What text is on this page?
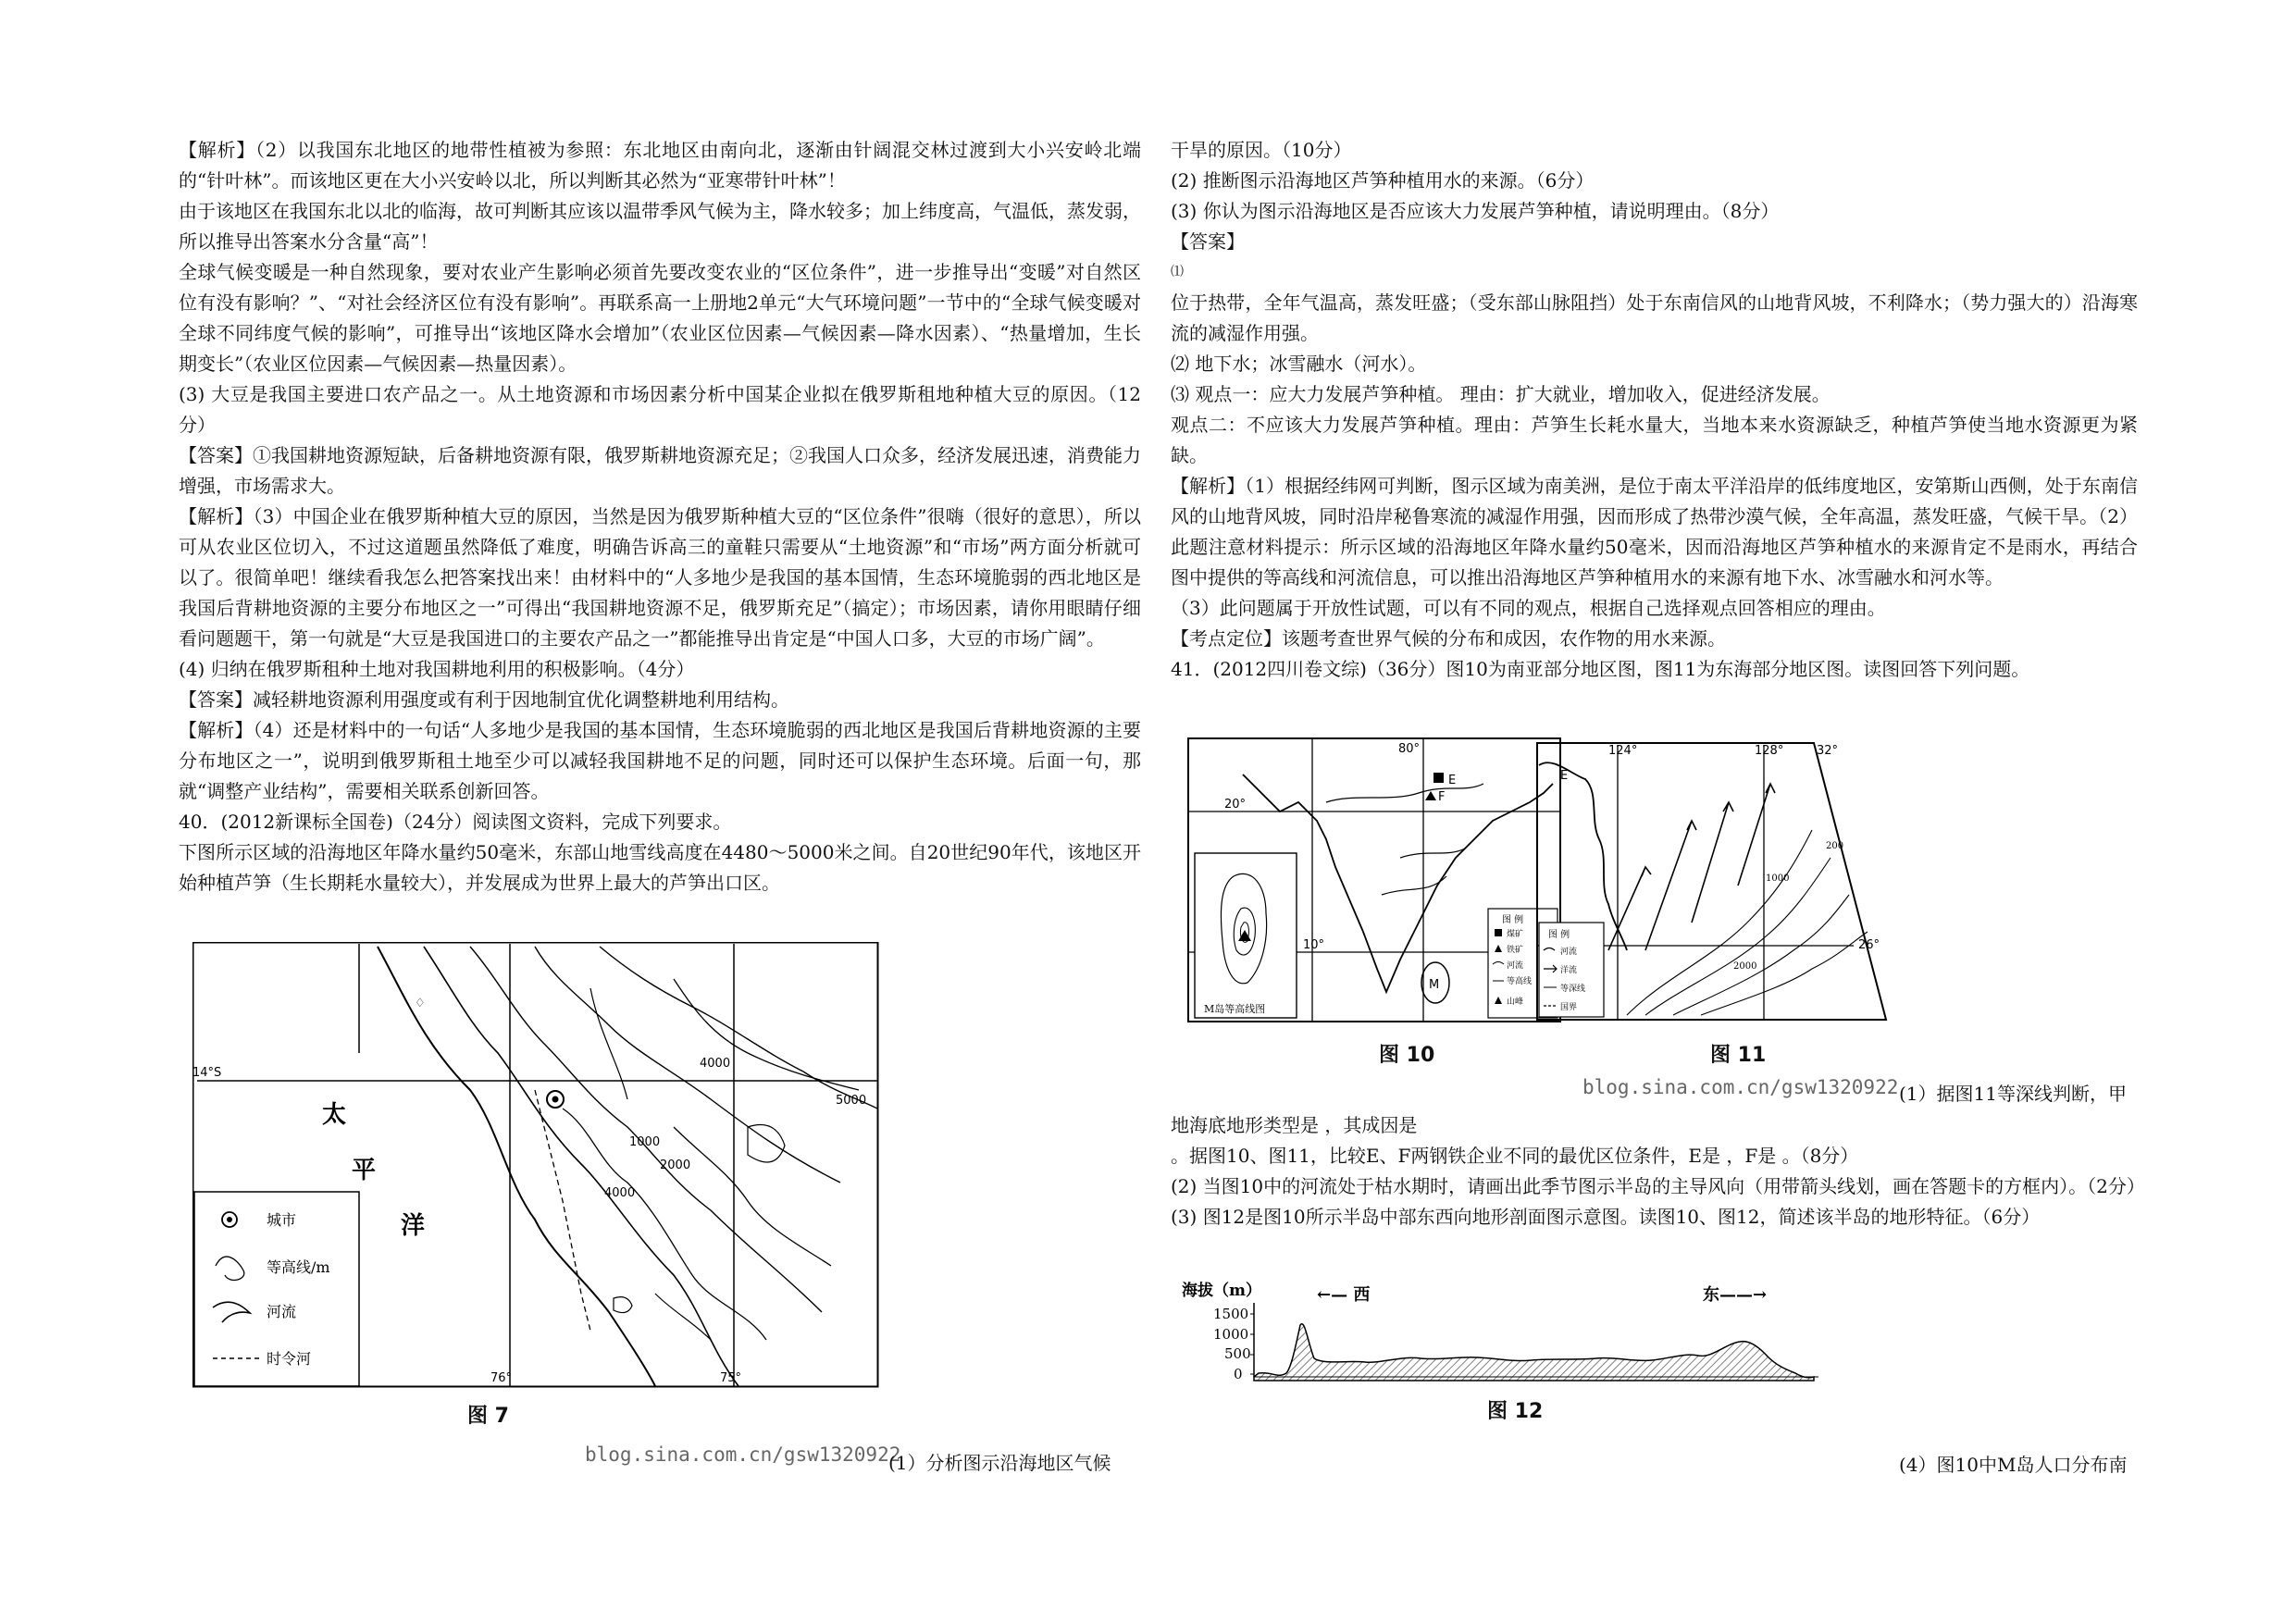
【解析】（2）以我国东北地区的地带性植被为参照：东北地区由南向北，逐渐由针阔混交林过渡到大小兴安岭北端的“针叶林”。而该地区更在大小兴安岭以北，所以判断其必然为“亚寒带针叶林”！

由于该地区在我国东北以北的临海，故可判断其应该以温带季风气候为主，降水较多；加上纬度高，气温低，蒸发弱，所以推导出答案水分含量“高”！

全球气候变暖是一种自然现象，要对农业产生影响必须首先要改变农业的“区位条件”，进一步推导出“变暖”对自然区位有没有影响？”、“对社会经济区位有没有影响”。再联系高一上册地2单元“大气环境问题”一节中的“全球气候变暖对全球不同纬度气候的影响”，可推导出“该地区降水会增加”（农业区位因素—气候因素—降水因素）、“热量增加，生长期变长”（农业区位因素—气候因素—热量因素）。

(3) 大豆是我国主要进口农产品之一。从土地资源和市场因素分析中国某企业拟在俄罗斯租地种植大豆的原因。（12分）

【答案】①我国耕地资源短缺，后备耕地资源有限，俄罗斯耕地资源充足；②我国人口众多，经济发展迅速，消费能力增强，市场需求大。

【解析】（3）中国企业在俄罗斯种植大豆的原因，当然是因为俄罗斯种植大豆的“区位条件”很嗨（很好的意思），所以可从农业区位切入，不过这道题虽然降低了难度，明确告诉高三的童鞋只需要从“土地资源”和“市场”两方面分析就可以了。很简单吧！继续看我怎么把答案找出来！由材料中的“人多地少是我国的基本国情，生态环境脆弱的西北地区是我国后背耕地资源的主要分布地区之一”可得出“我国耕地资源不足，俄罗斯充足”（搞定）；市场因素，请你用眼睛仔细看问题题干，第一句就是“大豆是我国进口的主要农产品之一”都能推导出肯定是“中国人口多，大豆的市场广阔”。

(4) 归纳在俄罗斯租种土地对我国耕地利用的积极影响。（4分）

【答案】减轻耕地资源利用强度或有利于因地制宜优化调整耕地利用结构。

【解析】（4）还是材料中的一句话“人多地少是我国的基本国情，生态环境脆弱的西北地区是我国后背耕地资源的主要分布地区之一”，说明到俄罗斯租土地至少可以减轻我国耕地不足的问题，同时还可以保护生态环境。后面一句，那就“调整产业结构”，需要相关联系创新回答。

40．(2012新课标全国卷)（24分）阅读图文资料，完成下列要求。

下图所示区域的沿海地区年降水量约50毫米，东部山地雪线高度在4480～5000米之间。自20世纪90年代，该地区开始种植芦笋（生长期耗水量较大），并发展成为世界上最大的芦笋出口区。

♢
14°S
太
平
洋
1000
2000
4000
4000
5000
76°	75°
城市
等高线/m
河流
时令河
图 7
blog.sina.com.cn/gsw1320922
(1）分析图示沿海地区气候

干旱的原因。（10分）

(2) 推断图示沿海地区芦笋种植用水的来源。（6分）

(3) 你认为图示沿海地区是否应该大力发展芦笋种植，请说明理由。（8分）

【答案】

⑴

位于热带，全年气温高，蒸发旺盛；（受东部山脉阻挡）处于东南信风的山地背风坡，不利降水；（势力强大的）沿海寒流的减湿作用强。

⑵ 地下水；冰雪融水（河水）。

⑶ 观点一：应大力发展芦笋种植。 理由：扩大就业，增加收入，促进经济发展。

观点二：不应该大力发展芦笋种植。理由：芦笋生长耗水量大，当地本来水资源缺乏，种植芦笋使当地水资源更为紧缺。

【解析】（1）根据经纬网可判断，图示区域为南美洲，是位于南太平洋沿岸的低纬度地区，安第斯山西侧，处于东南信风的山地背风坡，同时沿岸秘鲁寒流的减湿作用强，因而形成了热带沙漠气候，全年高温，蒸发旺盛，气候干旱。（2）此题注意材料提示：所示区域的沿海地区年降水量约50毫米，因而沿海地区芦笋种植水的来源肯定不是雨水，再结合图中提供的等高线和河流信息，可以推出沿海地区芦笋种植用水的来源有地下水、冰雪融水和河水等。

（3）此问题属于开放性试题，可以有不同的观点，根据自己选择观点回答相应的理由。

【考点定位】该题考查世界气候的分布和成因，农作物的用水来源。

41．(2012四川卷文综)（36分）图10为南亚部分地区图，图11为东海部分地区图。读图回答下列问题。

20°
10°
80°
E
F
M
M岛等高线图
图 例
煤矿
铁矿
河流
等高线
山峰
图 10
124°	128°	32°
26°
E
200
1000
2000
图 例
河流
洋流
等深线
国界
图 11
blog.sina.com.cn/gsw1320922 (1）据图11等深线判断，甲

地海底地形类型是 ，其成因是

。据图10、图11，比较E、F两钢铁企业不同的最优区位条件，E是 ，F是 。（8分）

(2) 当图10中的河流处于枯水期时，请画出此季节图示半岛的主导风向（用带箭头线划，画在答题卡的方框内）。（2分）

(3) 图12是图10所示半岛中部东西向地形剖面图示意图。读图10、图12，简述该半岛的地形特征。（6分）

海拔（m）
1500
1000
500
0
←— 西	东——→
图 12
(4）图10中M岛人口分布南
